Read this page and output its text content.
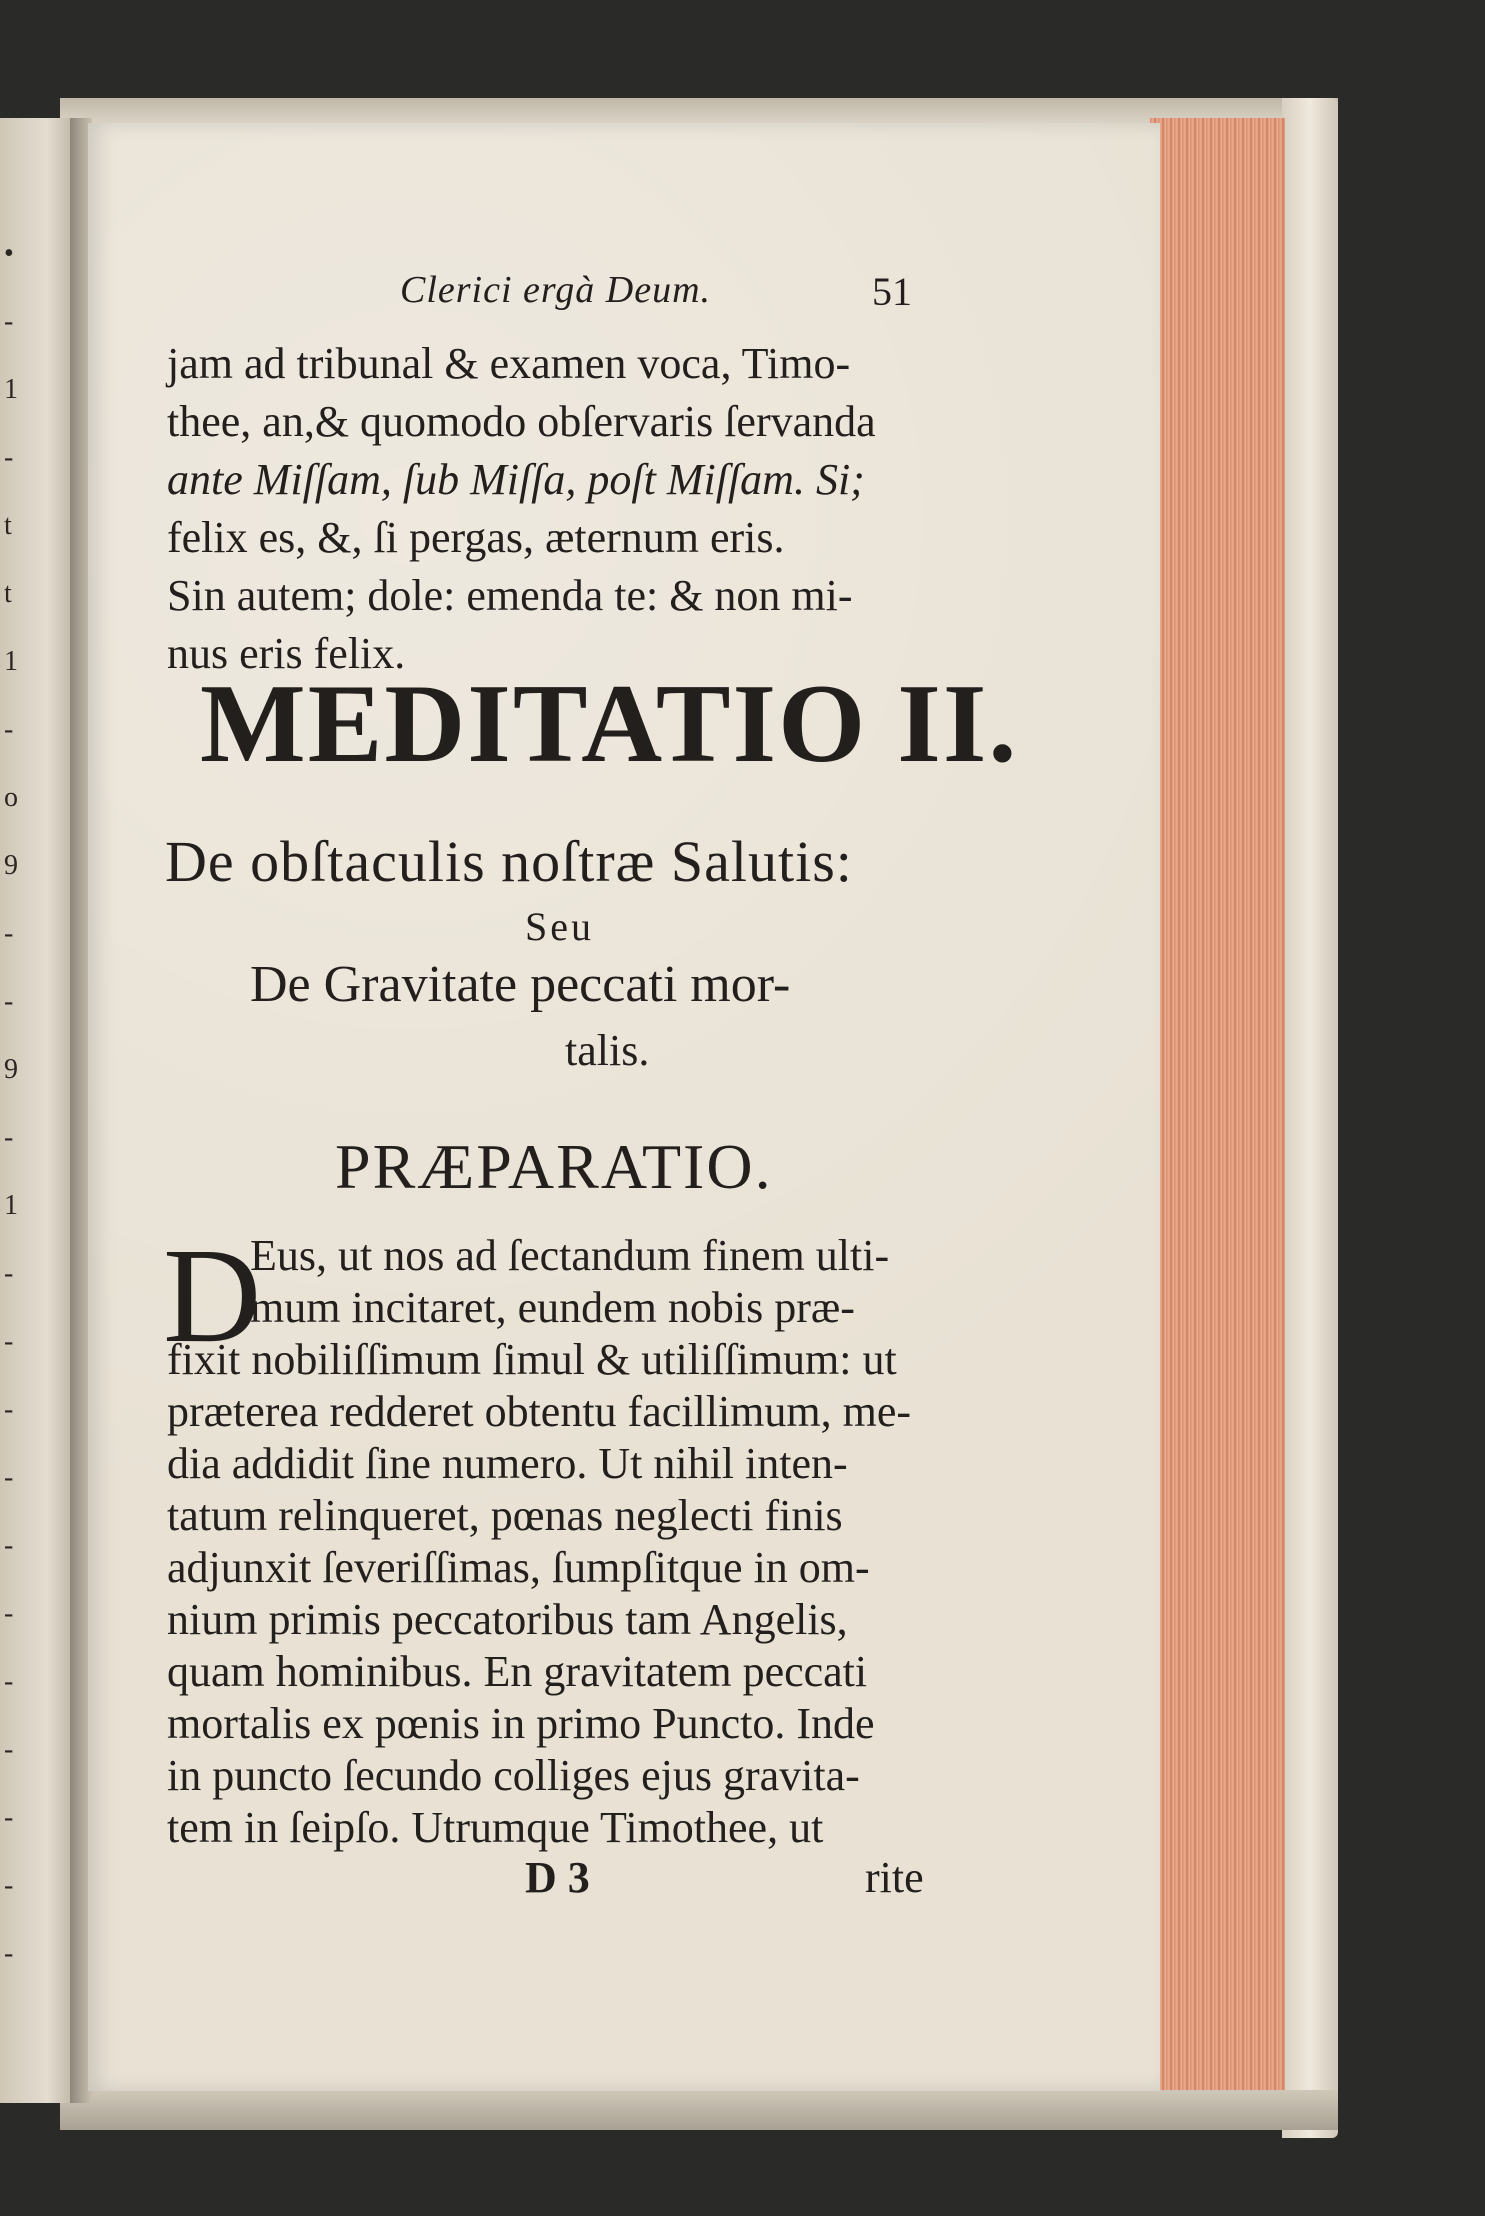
•
-
1
-
t
t
1
-
o
9
-
-
9
-
1
-
-
-
-
-
-
-
-
-
-
-
Clerici ergà Deum.	51
jam ad tribunal & examen voca, Timo-
thee, an,& quomodo obſervaris ſervanda
ante Miſſam, ſub Miſſa, poſt Miſſam. Si;
felix es, &, ſi pergas, æternum eris.
Sin autem; dole: emenda te: & non mi-
nus eris felix.
MEDITATIO II.
De obſtaculis noſtræ Salutis:
Seu
De Gravitate peccati mor-
talis.
PRÆPARATIO.
D
Eus, ut nos ad ſectandum finem ulti-
mum incitaret, eundem nobis præ-
fixit nobiliſſimum ſimul & utiliſſimum: ut
præterea redderet obtentu facillimum, me-
dia addidit ſine numero. Ut nihil inten-
tatum relinqueret, pœnas neglecti finis
adjunxit ſeveriſſimas, ſumpſitque in om-
nium primis peccatoribus tam Angelis,
quam hominibus. En gravitatem peccati
mortalis ex pœnis in primo Puncto. Inde
D 3	rite
in puncto ſecundo colliges ejus gravita-
tem in ſeipſo. Utrumque Timothee, ut
